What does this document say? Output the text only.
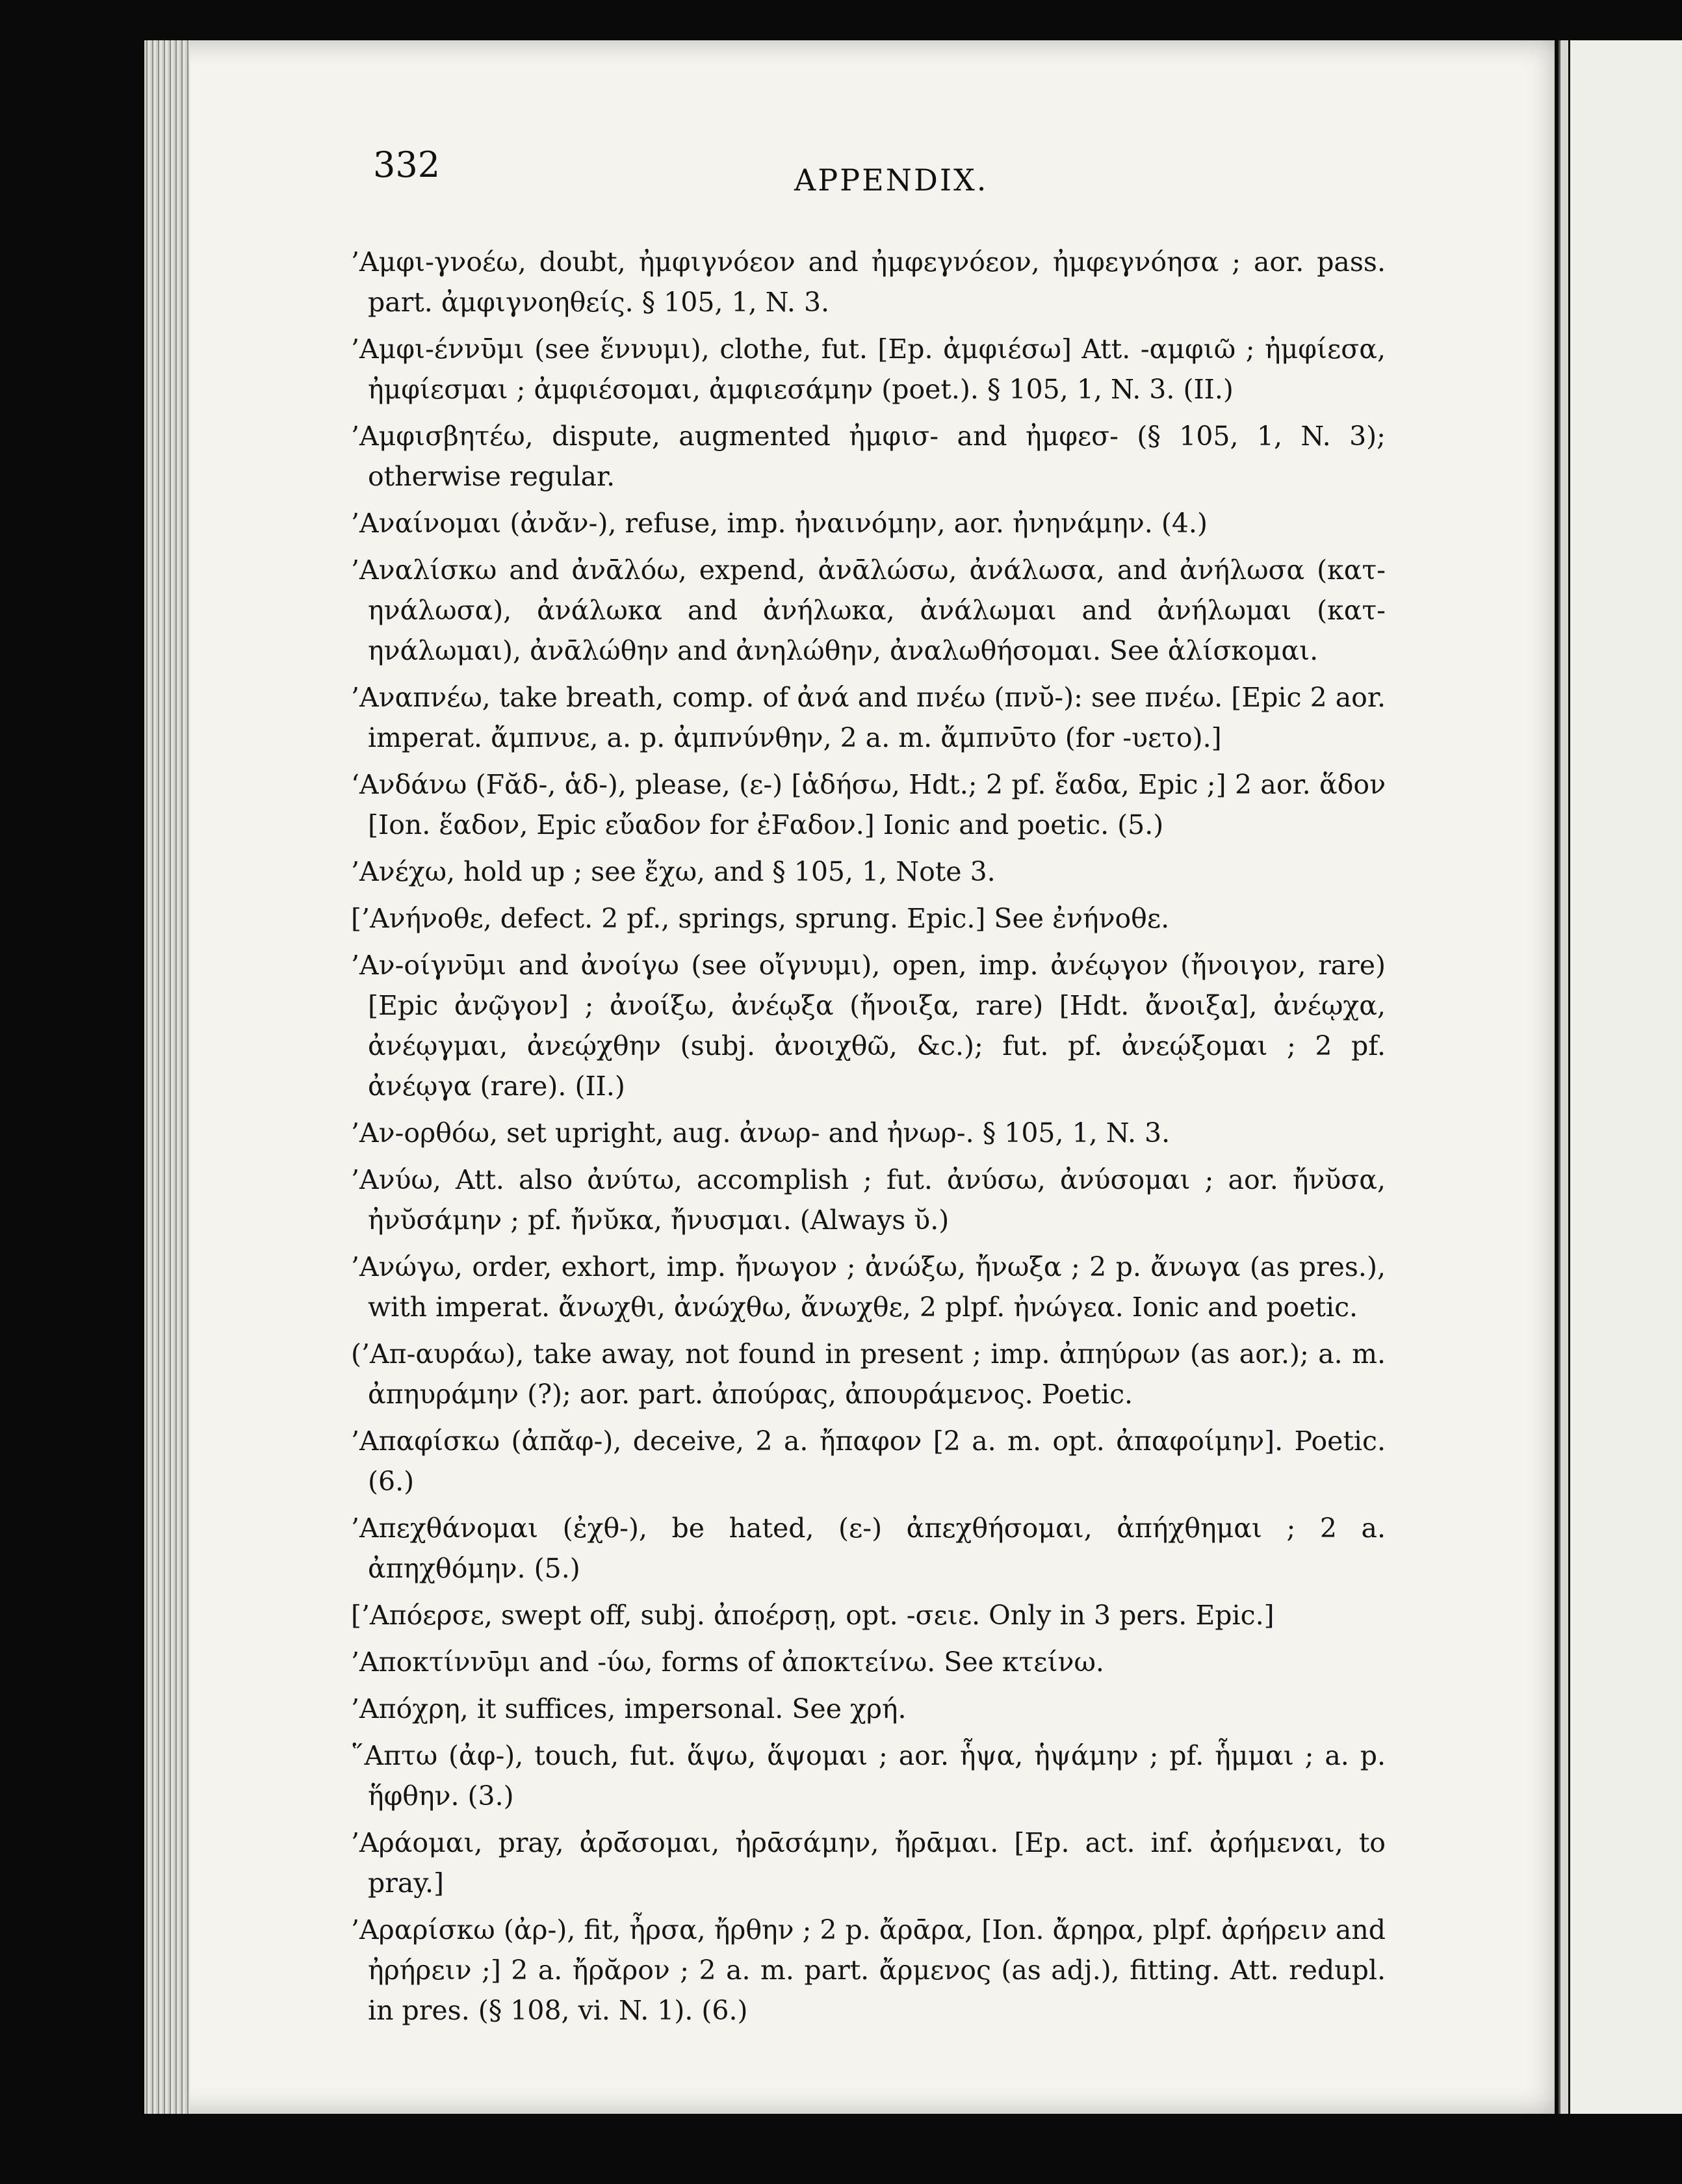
332	APPENDIX.
’Αμφι-γνοέω, doubt, ἠμφιγνόεον and ἠμφεγνόεον, ἠμφεγνόησα ; aor. pass. part. ἀμφιγνοηθείς. § 105, 1, N. 3.
’Αμφι-έννῡμι (see ἕννυμι), clothe, fut. [Ep. ἀμφιέσω] Att. -αμφιῶ ; ἠμφίεσα, ἠμφίεσμαι ; ἀμφιέσομαι, ἀμφιεσάμην (poet.). § 105, 1, N. 3. (II.)
’Αμφισβητέω, dispute, augmented ἠμφισ- and ἠμφεσ- (§ 105, 1, N. 3); otherwise regular.
’Αναίνομαι (ἀνᾰν-), refuse, imp. ἠναινόμην, aor. ἠνηνάμην. (4.)
’Αναλίσκω and ἀνᾱλόω, expend, ἀνᾱλώσω, ἀνάλωσα, and ἀνήλωσα (κατ-ηνάλωσα), ἀνάλωκα and ἀνήλωκα, ἀνάλωμαι and ἀνήλωμαι (κατ-ηνάλωμαι), ἀνᾱλώθην and ἀνηλώθην, ἀναλωθήσομαι. See ἁλίσκομαι.
’Αναπνέω, take breath, comp. of ἀνά and πνέω (πνῠ-): see πνέω. [Epic 2 aor. imperat. ἄμπνυε, a. p. ἀμπνύνθην, 2 a. m. ἄμπνῡτο (for -υετο).]
‘Ανδάνω (Fᾰδ-, ἁδ-), please, (ε-) [ἁδήσω, Hdt.; 2 pf. ἕαδα, Epic ;] 2 aor. ἅδον [Ion. ἕαδον, Epic εὔαδον for ἐFαδον.] Ionic and poetic. (5.)
’Ανέχω, hold up ; see ἔχω, and § 105, 1, Note 3.
[’Ανήνοθε, defect. 2 pf., springs, sprung. Epic.] See ἐνήνοθε.
’Αν-οίγνῡμι and ἀνοίγω (see οἴγνυμι), open, imp. ἀνέῳγον (ἤνοιγον, rare) [Epic ἀνῷγον] ; ἀνοίξω, ἀνέῳξα (ἤνοιξα, rare) [Hdt. ἄνοιξα], ἀνέῳχα, ἀνέῳγμαι, ἀνεῴχθην (subj. ἀνοιχθῶ, &c.); fut. pf. ἀνεῴξομαι ; 2 pf. ἀνέῳγα (rare). (II.)
’Αν-ορθόω, set upright, aug. ἀνωρ- and ἠνωρ-. § 105, 1, N. 3.
’Ανύω, Att. also ἀνύτω, accomplish ; fut. ἀνύσω, ἀνύσομαι ; aor. ἤνῠσα, ἠνῠσάμην ; pf. ἤνῠκα, ἤνυσμαι. (Always ῠ.)
’Ανώγω, order, exhort, imp. ἤνωγον ; ἀνώξω, ἤνωξα ; 2 p. ἄνωγα (as pres.), with imperat. ἄνωχθι, ἀνώχθω, ἄνωχθε, 2 plpf. ἠνώγεα. Ionic and poetic.
(’Απ-αυράω), take away, not found in present ; imp. ἀπηύρων (as aor.); a. m. ἀπηυράμην (?); aor. part. ἀπούρας, ἀπουράμενος. Poetic.
’Απαφίσκω (ἀπᾰφ-), deceive, 2 a. ἤπαφον [2 a. m. opt. ἀπαφοίμην]. Poetic. (6.)
’Απεχθάνομαι (ἐχθ-), be hated, (ε-) ἀπεχθήσομαι, ἀπήχθημαι ; 2 a. ἀπηχθόμην. (5.)
[’Απόερσε, swept off, subj. ἀποέρσῃ, opt. -σειε. Only in 3 pers. Epic.]
’Αποκτίννῡμι and -ύω, forms of ἀποκτείνω. See κτείνω.
’Απόχρη, it suffices, impersonal. See χρή.
῞Απτω (ἀφ-), touch, fut. ἅψω, ἅψομαι ; aor. ἧψα, ἡψάμην ; pf. ἧμμαι ; a. p. ἥφθην. (3.)
’Αράομαι, pray, ἀρᾱ́σομαι, ἠρᾱσάμην, ἤρᾱμαι. [Ep. act. inf. ἀρήμεναι, to pray.]
’Αραρίσκω (ἀρ-), fit, ἦρσα, ἤρθην ; 2 p. ἄρᾱρα, [Ion. ἄρηρα, plpf. ἀρήρειν and ἠρήρειν ;] 2 a. ἤρᾰρον ; 2 a. m. part. ἄρμενος (as adj.), fitting. Att. redupl. in pres. (§ 108, vi. N. 1). (6.)
